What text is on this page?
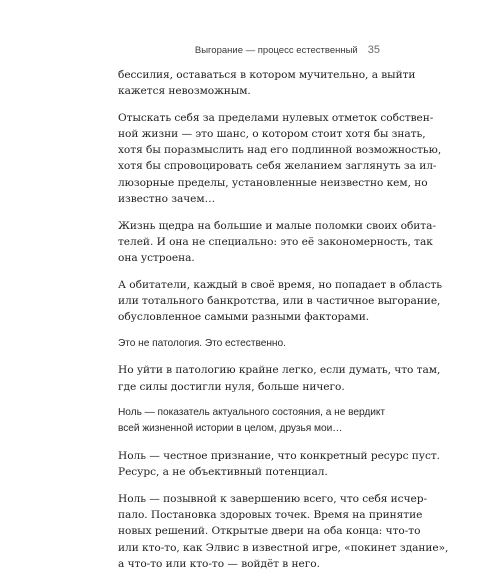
Выгорание — процесс естественный 35
бессилия, оставаться в котором мучительно, а выйти
кажется невозможным.
Отыскать себя за пределами нулевых отметок собствен-
ной жизни — это шанс, о котором стоит хотя бы знать,
хотя бы поразмыслить над его подлинной возможностью,
хотя бы спровоцировать себя желанием заглянуть за ил-
люзорные пределы, установленные неизвестно кем, но
известно зачем…
Жизнь щедра на большие и малые поломки своих обита-
телей. И она не специально: это её закономерность, так
она устроена.
А обитатели, каждый в своё время, но попадает в область
или тотального банкротства, или в частичное выгорание,
обусловленное самыми разными факторами.
Это не патология. Это естественно.
Но уйти в патологию крайне легко, если думать, что там,
где силы достигли нуля, больше ничего.
Ноль — показатель актуального состояния, а не вердикт
всей жизненной истории в целом, друзья мои…
Ноль — честное признание, что конкретный ресурс пуст.
Ресурс, а не объективный потенциал.
Ноль — позывной к завершению всего, что себя исчер-
пало. Постановка здоровых точек. Время на принятие
новых решений. Открытые двери на оба конца: что-то
или кто-то, как Элвис в известной игре, «покинет здание»,
а что-то или кто-то — войдёт в него.
